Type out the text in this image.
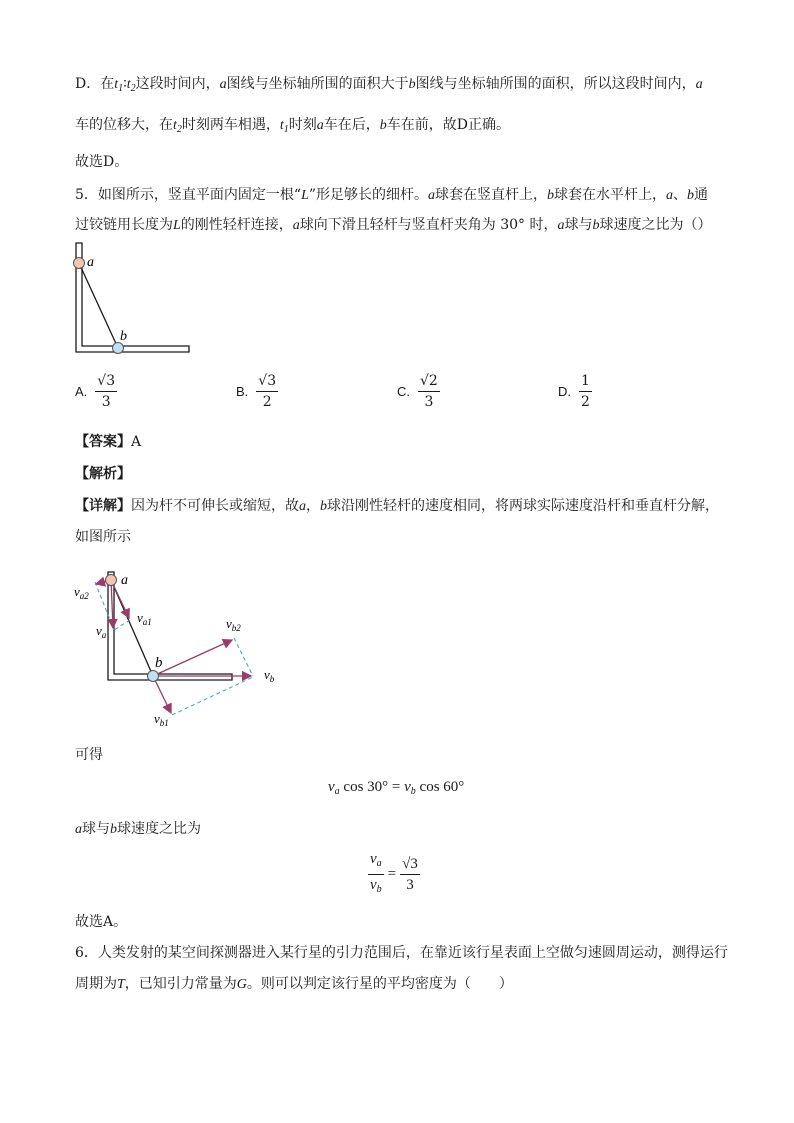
D．在$t_1∶t_2$这段时间内，a图线与坐标轴所围的面积大于b图线与坐标轴所围的面积，所以这段时间内，a
车的位移大，在$t_2$时刻两车相遇，$t_1$时刻a车在后，b车在前，故D正确。
故选D。
5．如图所示，竖直平面内固定一根“L”形足够长的细杆。a球套在竖直杆上，b球套在水平杆上，a、b通
过铰链用长度为L的刚性轻杆连接，a球向下滑且轻杆与竖直杆夹角为 30° 时，a球与b球速度之比为（）
a
b
A. $\frac{√3}{3}$	B. $\frac{√3}{2}$	C. $\frac{√2}{3}$	D. $\frac{1}{2}$
【答案】A
【解析】
【详解】因为杆不可伸长或缩短，故a，b球沿刚性轻杆的速度相同，将两球实际速度沿杆和垂直杆分解，
如图所示
a
b
$v_{a2}$
$v_{a1}$
$v_a$
$v_{b2}$
$v_b$
$v_{b1}$
可得
$v_a$ $\cos 30^\circ = v_b$ cos 60°
a球与b球速度之比为
$\frac{v_a}{v_b} = \frac{√3}{3}$
故选A。
6．人类发射的某空间探测器进入某行星的引力范围后，在靠近该行星表面上空做匀速圆周运动，测得运行
周期为T，已知引力常量为G。则可以判定该行星的平均密度为（　　）
